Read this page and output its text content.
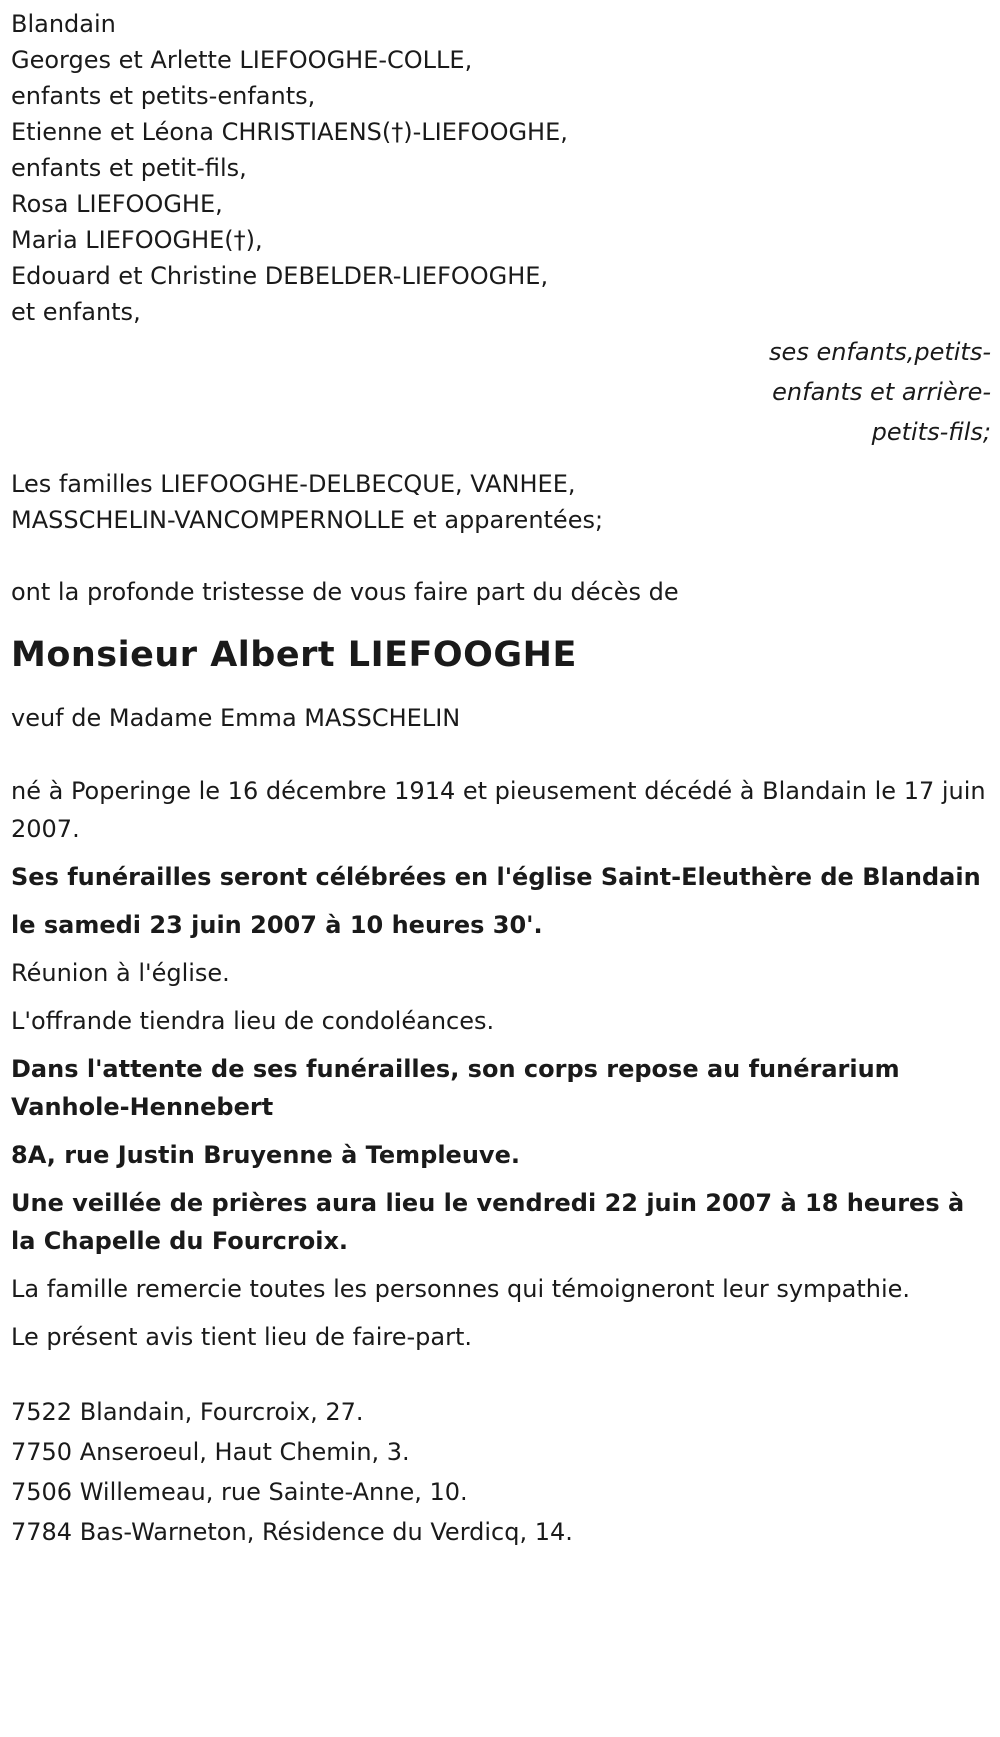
Blandain
Georges et Arlette LIEFOOGHE-COLLE,
enfants et petits-enfants,
Etienne et Léona CHRISTIAENS(†)-LIEFOOGHE,
enfants et petit-fils,
Rosa LIEFOOGHE,
Maria LIEFOOGHE(†),
Edouard et Christine DEBELDER-LIEFOOGHE,
et enfants,
ses enfants,petits-
enfants et arrière-
petits-fils;
Les familles LIEFOOGHE-DELBECQUE, VANHEE,
MASSCHELIN-VANCOMPERNOLLE et apparentées;
ont la profonde tristesse de vous faire part du décès de
Monsieur Albert LIEFOOGHE
veuf de Madame Emma MASSCHELIN
né à Poperinge le 16 décembre 1914 et pieusement décédé à Blandain le 17 juin 2007.
Ses funérailles seront célébrées en l'église Saint-Eleuthère de Blandain
le samedi 23 juin 2007 à 10 heures 30'.
Réunion à l'église.
L'offrande tiendra lieu de condoléances.
Dans l'attente de ses funérailles, son corps repose au funérarium Vanhole-Hennebert
8A, rue Justin Bruyenne à Templeuve.
Une veillée de prières aura lieu le vendredi 22 juin 2007 à 18 heures à la Chapelle du Fourcroix.
La famille remercie toutes les personnes qui témoigneront leur sympathie.
Le présent avis tient lieu de faire-part.
7522 Blandain, Fourcroix, 27.
7750 Anseroeul, Haut Chemin, 3.
7506 Willemeau, rue Sainte-Anne, 10.
7784 Bas-Warneton, Résidence du Verdicq, 14.
